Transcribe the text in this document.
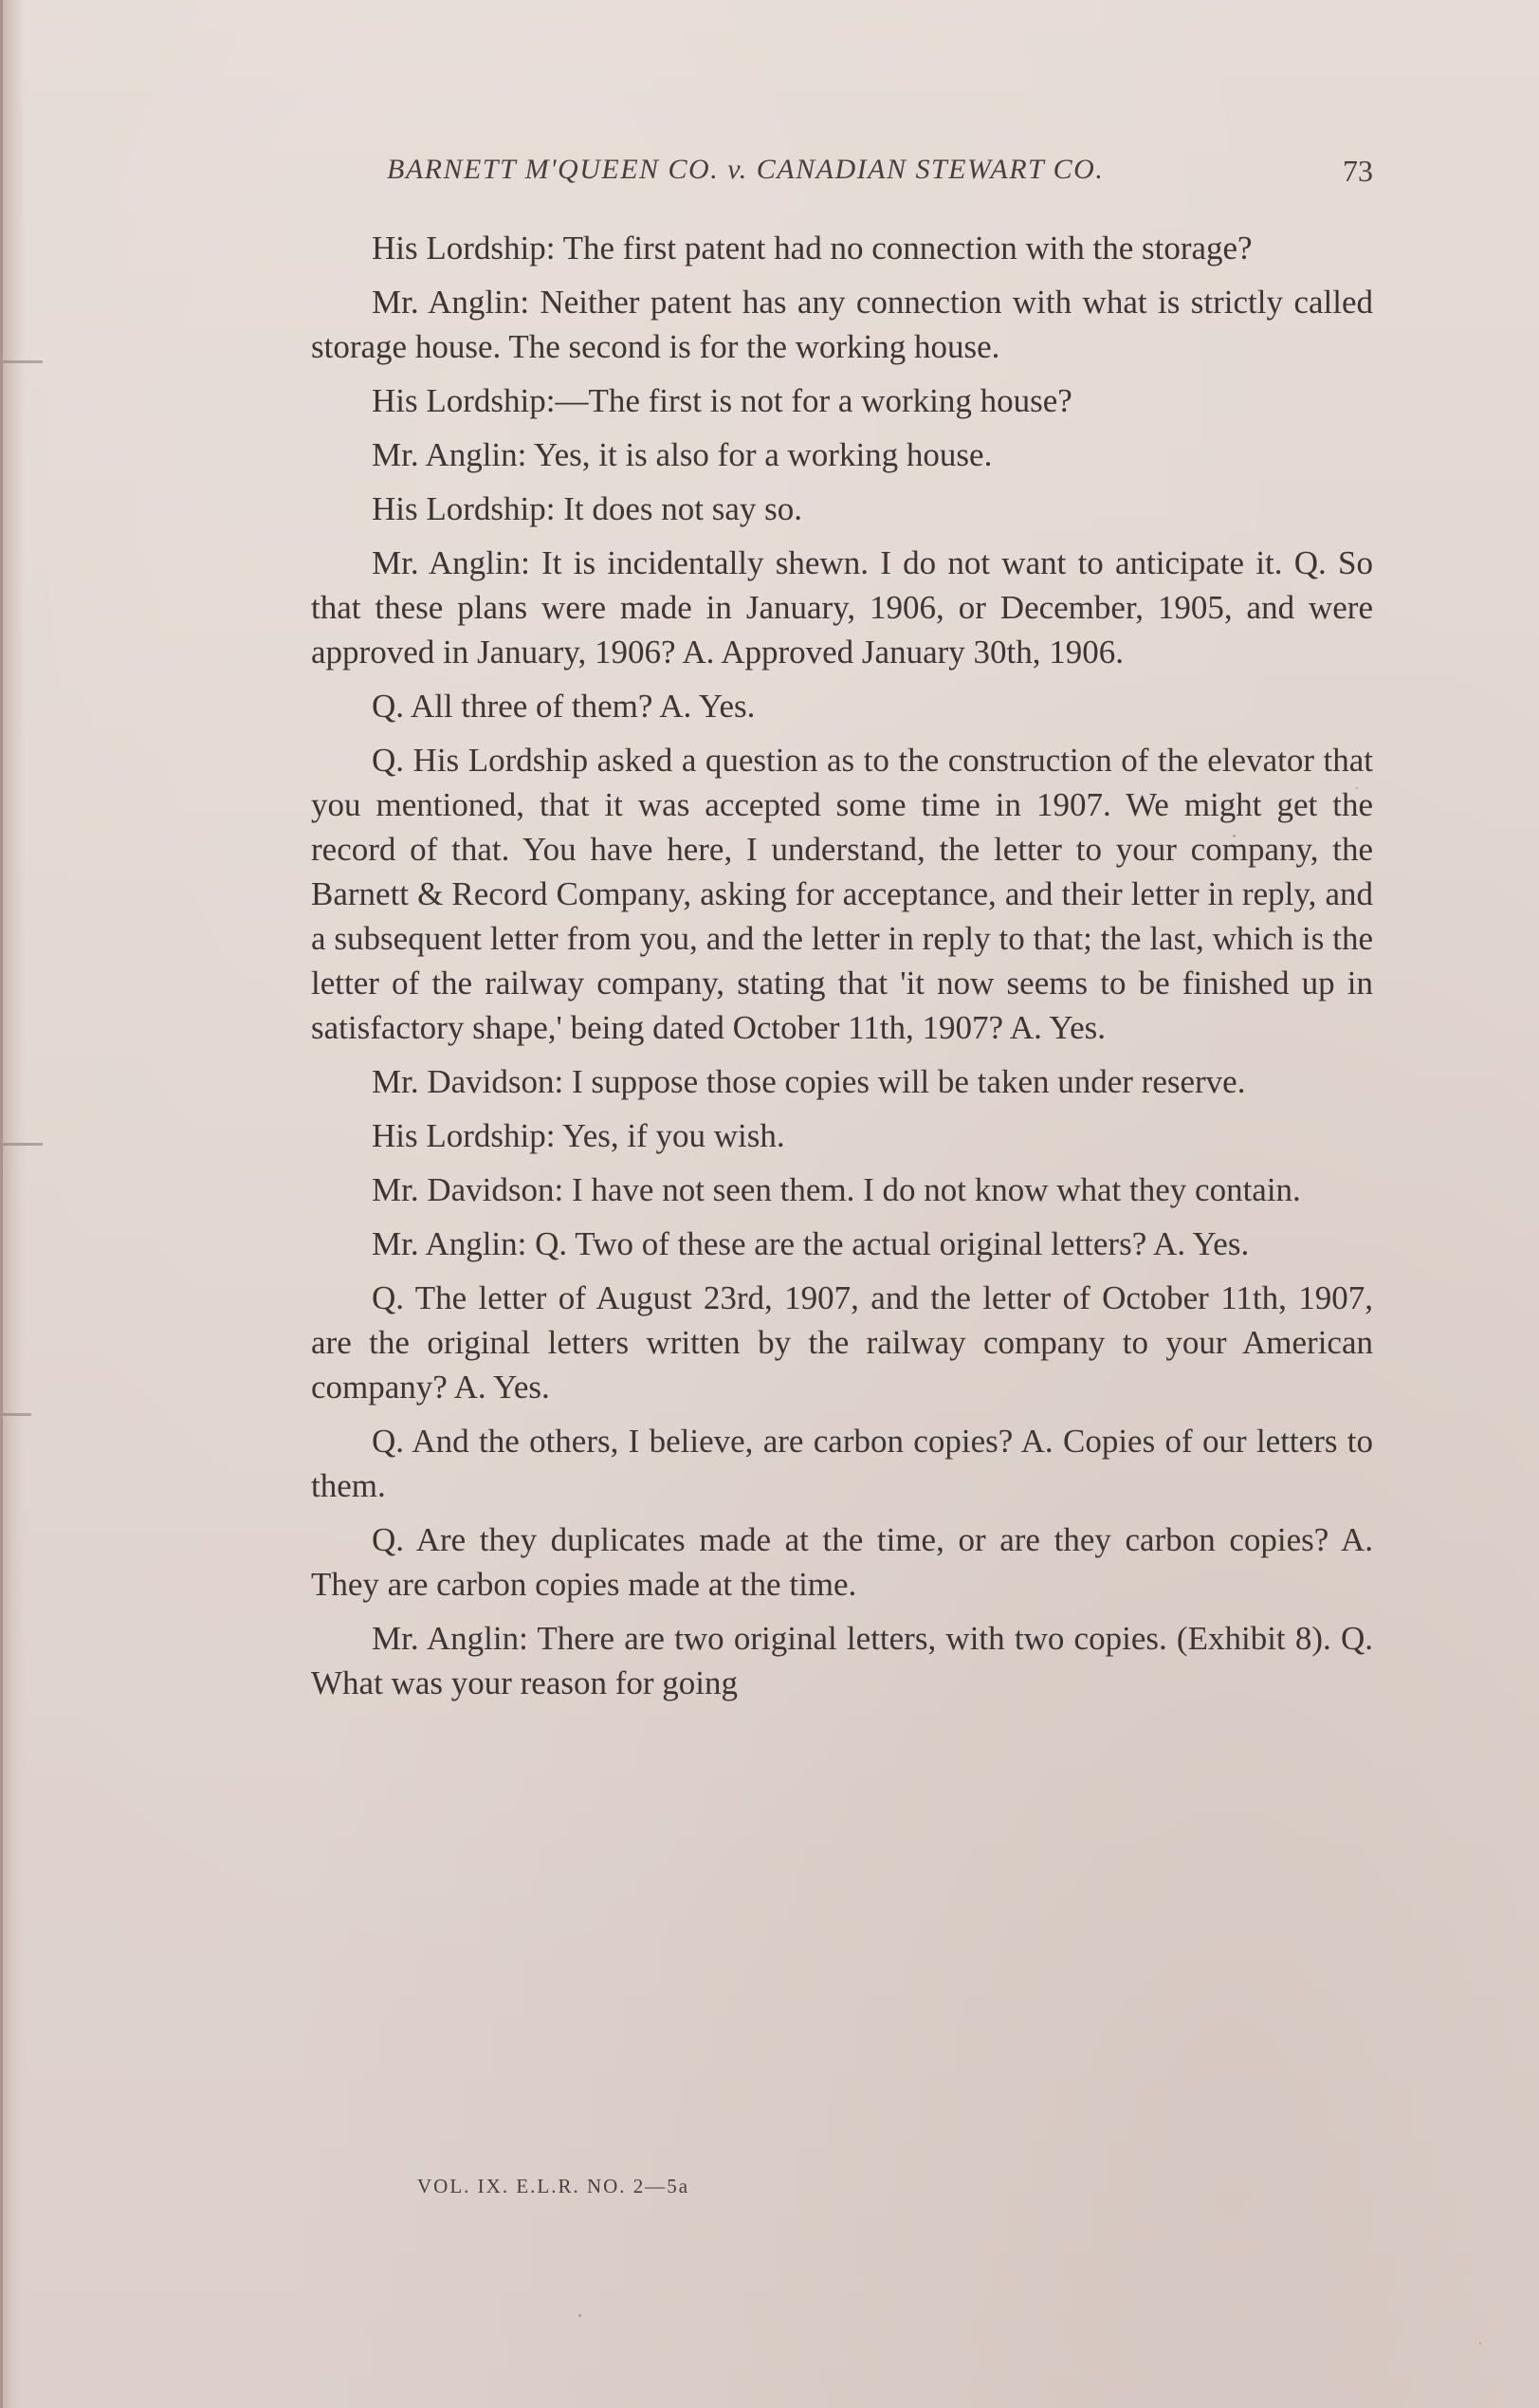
BARNETT M'QUEEN CO. v. CANADIAN STEWART CO.	73

His Lordship: The first patent had no connection with the storage?

Mr. Anglin: Neither patent has any connection with what is strictly called storage house. The second is for the working house.

His Lordship:—The first is not for a working house?

Mr. Anglin: Yes, it is also for a working house.

His Lordship: It does not say so.

Mr. Anglin: It is incidentally shewn. I do not want to anticipate it. Q. So that these plans were made in January, 1906, or December, 1905, and were approved in January, 1906? A. Approved January 30th, 1906.

Q. All three of them? A. Yes.

Q. His Lordship asked a question as to the construction of the elevator that you mentioned, that it was accepted some time in 1907. We might get the record of that. You have here, I understand, the letter to your company, the Barnett & Record Company, asking for acceptance, and their letter in reply, and a subsequent letter from you, and the letter in reply to that; the last, which is the letter of the railway company, stating that 'it now seems to be finished up in satisfactory shape,' being dated October 11th, 1907? A. Yes.

Mr. Davidson: I suppose those copies will be taken under reserve.

His Lordship: Yes, if you wish.

Mr. Davidson: I have not seen them. I do not know what they contain.

Mr. Anglin: Q. Two of these are the actual original letters? A. Yes.

Q. The letter of August 23rd, 1907, and the letter of October 11th, 1907, are the original letters written by the railway company to your American company? A. Yes.

Q. And the others, I believe, are carbon copies? A. Copies of our letters to them.

Q. Are they duplicates made at the time, or are they carbon copies? A. They are carbon copies made at the time.

Mr. Anglin: There are two original letters, with two copies. (Exhibit 8). Q. What was your reason for going

VOL. IX. E.L.R. NO. 2—5a
